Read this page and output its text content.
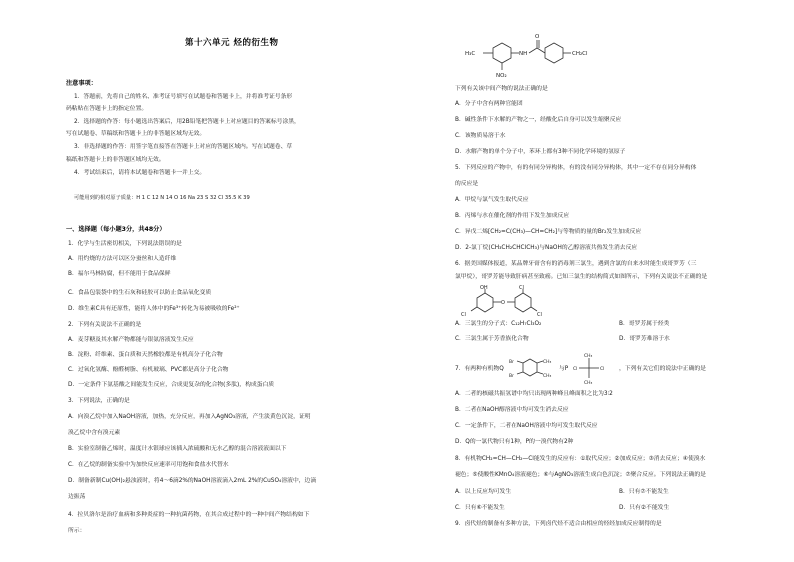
第十六单元 烃的衍生物
注意事项：
1．答题前，先将自己的姓名、准考证号填写在试题卷和答题卡上，并将准考证号条形
码粘贴在答题卡上的指定位置。
2．选择题的作答：每小题选出答案后，用2B铅笔把答题卡上对应题目的答案标号涂黑，
写在试题卷、草稿纸和答题卡上的非答题区域均无效。
3．非选择题的作答：用签字笔直接答在答题卡上对应的答题区域内。写在试题卷、草
稿纸和答题卡上的非答题区域均无效。
4．考试结束后，请将本试题卷和答题卡一并上交。
可能用到的相对原子质量：H 1 C 12 N 14 O 16 Na 23 S 32 Cl 35.5 K 39
一、选择题（每小题3分，共48分）
1．化学与生活密切相关，下列说法错误的是
A．用灼烧的方法可以区分蚕丝和人造纤维
B．福尔马林防腐，但不能用于食品保鲜
C．食品包装袋中的生石灰和硅胶可以防止食品氧化变质
D．维生素C具有还原性，能将人体中的Fe³⁺转化为易被吸收的Fe²⁺
2．下列有关说法不正确的是
A．麦芽糖及其水解产物都能与银氨溶液发生反应
B．淀粉、纤维素、蛋白质和天然橡胶都是有机高分子化合物
C．过氧化氢酶、酚醛树脂、有机玻璃、PVC都是高分子化合物
D．一定条件下氨基酸之间能发生反应，合成更复杂的化合物(多肽)，构成蛋白质
3．下列说法，正确的是
A．向溴乙烷中加入NaOH溶液，加热，充分反应，再加入AgNO₃溶液，产生淡黄色沉淀，证明
溴乙烷中含有溴元素
B．实验室制备乙烯时，温度计水银球应该插入浓硫酸和无水乙醇的混合溶液液面以下
C．在乙烷的制备实验中为加快反应速率可用饱和食盐水代替水
D．制备新制Cu(OH)₂悬浊液时，将4～6滴2%的NaOH溶液滴入2mL 2%的CuSO₄溶液中，边滴
边振荡
4．拉贝洛尔是治疗血病和多种炎症的一种抗菌药物，在其合成过程中的一种中间产物结构如下
所示：
H₃C
NO₂
NH
O
CH₂Cl
下列有关该中间产物的说法正确的是
A．分子中含有两种官能团
B．碱性条件下水解的产物之一，经酸化后自身可以发生缩聚反应
C．该物质易溶于水
D．水解产物的单个分子中，苯环上都有3种不同化学环境的氢原子
5．下列反应的产物中，有的有同分异构体，有的没有同分异构体，其中一定不存在同分异构体
的反应是
A．甲烷与氯气发生取代反应
B．丙烯与水在催化剂的作用下发生加成反应
C．异戊二烯[CH₂=C(CH₃)—CH=CH₂]与等物质的量的Br₂发生加成反应
D．2-氯丁烷(CH₃CH₂CHClCH₃)与NaOH的乙醇溶液共热发生消去反应
6．据美国媒体报道，某品牌牙膏含有的消毒剂三氯生，遇到含氯的自来水时能生成哥罗芳（三
氯甲烷），哥罗芳能导致肝病甚至致癌。已知三氯生的结构简式如图所示，下列有关说法不正确的是
OH
Cl
O
Cl
Cl
A．三氯生的分子式：C₁₂H₇Cl₃O₂	B．哥罗芳属于烃类
C．三氯生属于芳香族化合物	D．哥罗芳难溶于水
7．有两种有机物Q
Br
Br
CH₃
CH₃
与P Cl	Cl
CH₃
CH₃
，下列有关它们的说法中正确的是
A．二者的核磁共振氢谱中均只出现两种峰且峰面积之比为3∶2
B．二者在NaOH醇溶液中均可发生消去反应
C．一定条件下，二者在NaOH溶液中均可发生取代反应
D．Q的一氯代物只有1种，P的一溴代物有2种
8．有机物CH₂=CH—CH₂—Cl能发生的反应有：①取代反应；②加成反应；③消去反应；④使溴水
褪色；⑤使酸性KMnO₄溶液褪色；⑥与AgNO₃溶液生成白色沉淀；⑦聚合反应。下列说法正确的是
A．以上反应均可发生	B．只有⑦不能发生
C．只有⑥不能发生	D．只有②不能发生
9．卤代烃的制备有多种方法，下列卤代烃不适合由相应的烃经加成反应制得的是
